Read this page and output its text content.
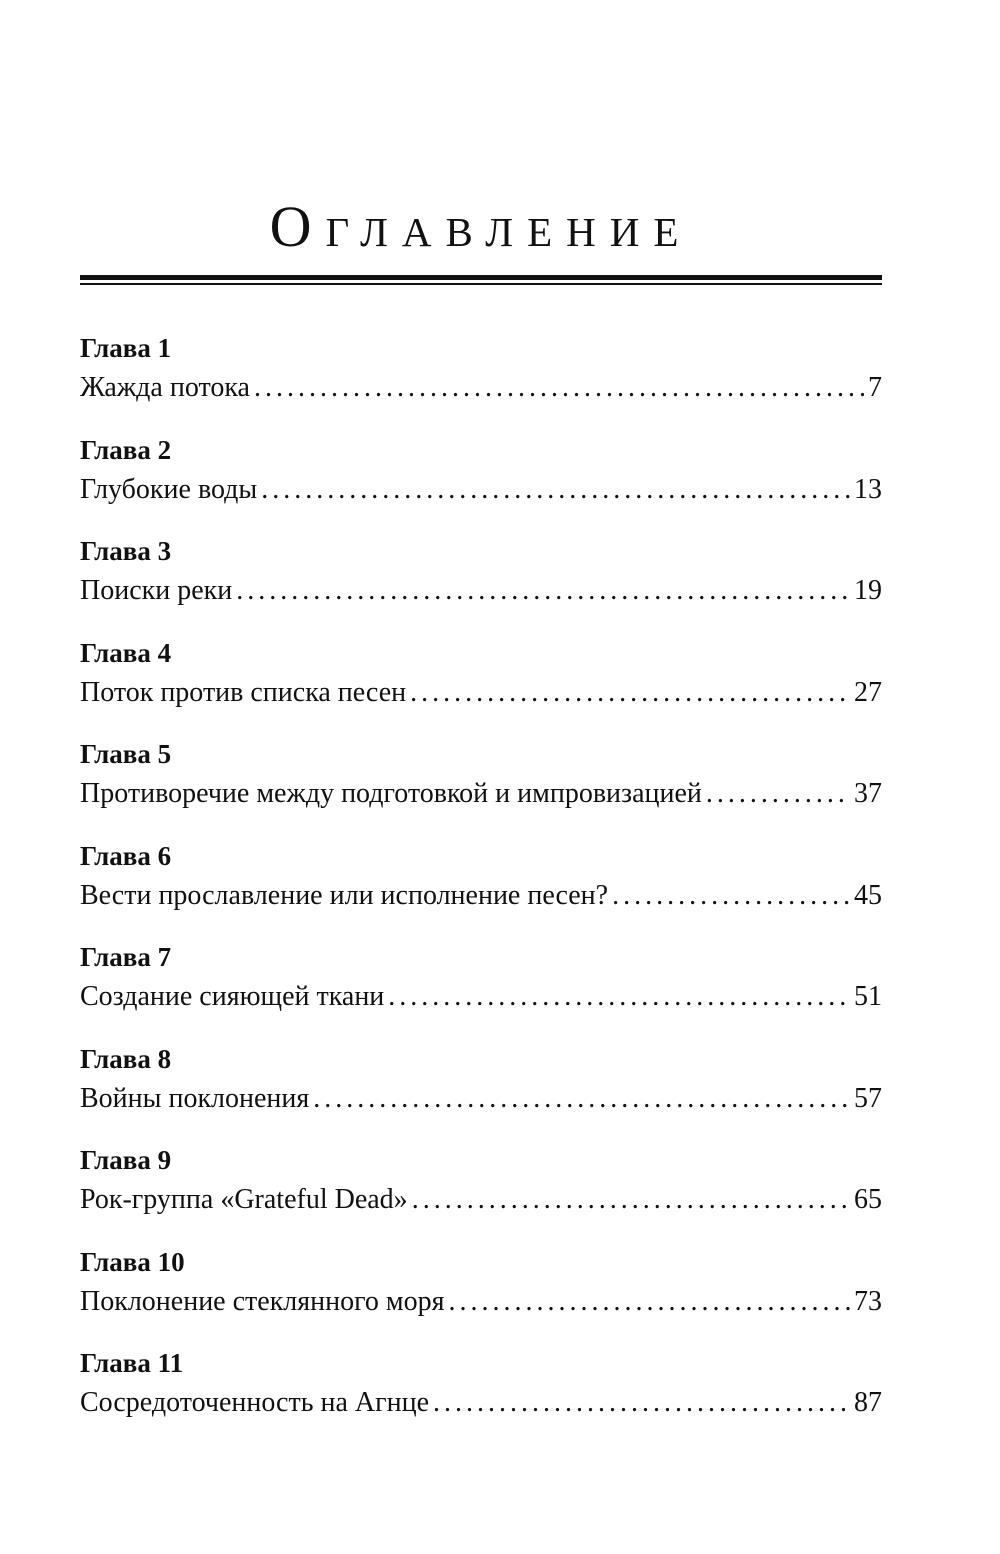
Оглавление
Глава 1
Жажда потока .....	7
Глава 2
Глубокие воды .....	13
Глава 3
Поиски реки .....	19
Глава 4
Поток против списка песен .....	27
Глава 5
Противоречие между подготовкой и импровизацией .....	37
Глава 6
Вести прославление или исполнение песен? .....	45
Глава 7
Создание сияющей ткани .....	51
Глава 8
Войны поклонения .....	57
Глава 9
Рок-группа «Grateful Dead» .....	65
Глава 10
Поклонение стеклянного моря .....	73
Глава 11
Сосредоточенность на Агнце .....	87
